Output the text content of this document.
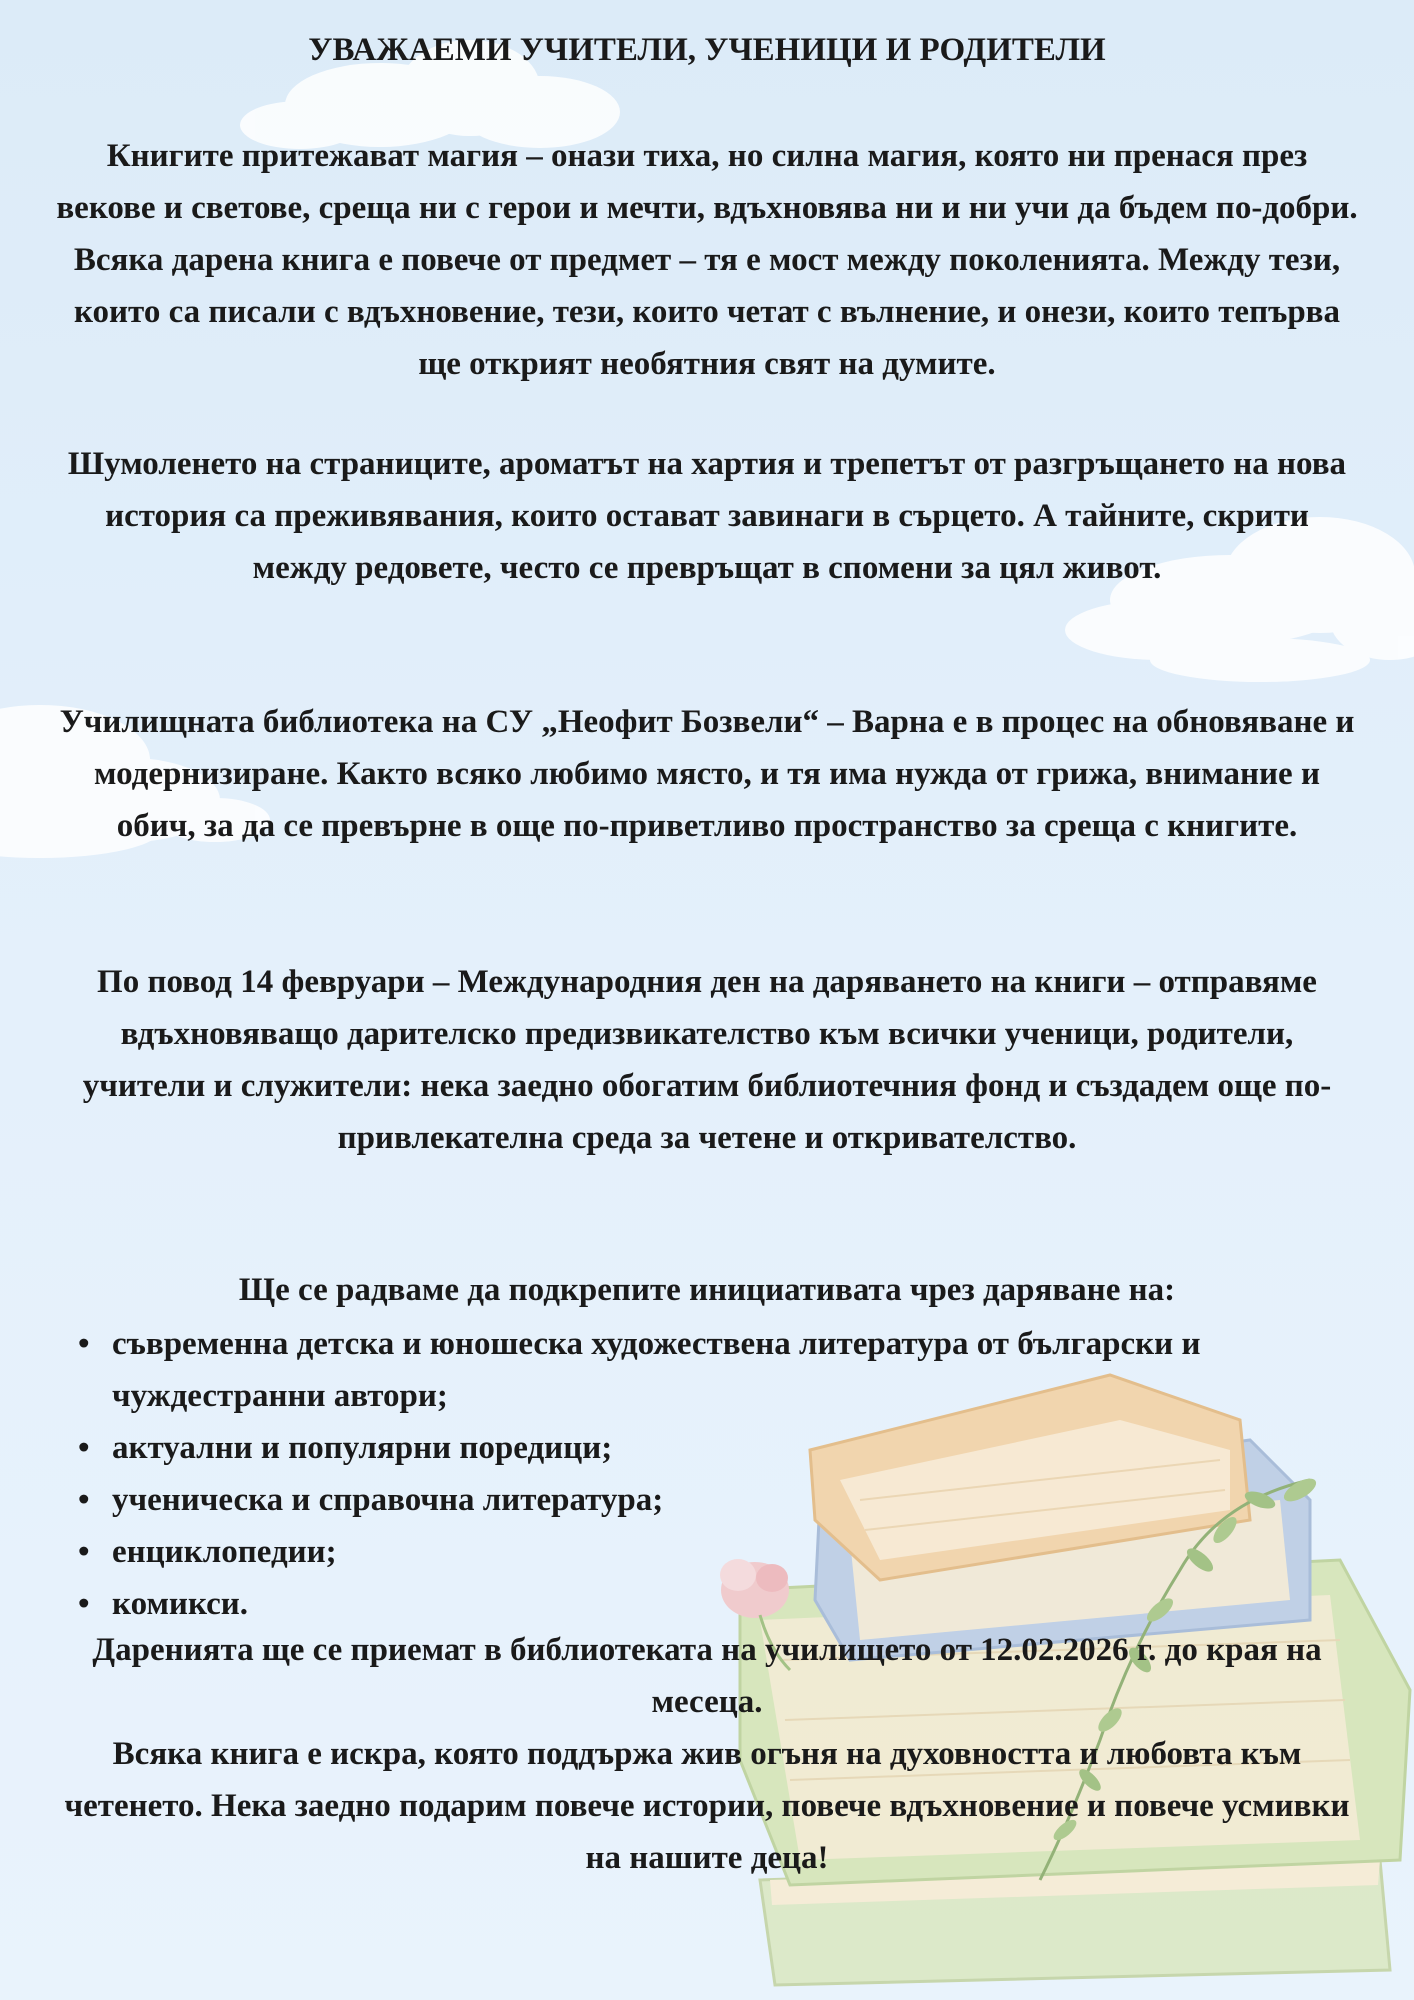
УВАЖАЕМИ УЧИТЕЛИ, УЧЕНИЦИ И РОДИТЕЛИ
Книгите притежават магия – онази тиха, но силна магия, която ни пренася през векове и светове, среща ни с герои и мечти, вдъхновява ни и ни учи да бъдем по-добри. Всяка дарена книга е повече от предмет – тя е мост между поколенията. Между тези, които са писали с вдъхновение, тези, които четат с вълнение, и онези, които тепърва ще открият необятния свят на думите.
Шумоленето на страниците, ароматът на хартия и трепетът от разгръщането на нова история са преживявания, които остават завинаги в сърцето. А тайните, скрити между редовете, често се превръщат в спомени за цял живот.
Училищната библиотека на СУ „Неофит Бозвели“ – Варна е в процес на обновяване и модернизиране. Както всяко любимо място, и тя има нужда от грижа, внимание и обич, за да се превърне в още по-приветливо пространство за среща с книгите.
По повод 14 февруари – Международния ден на даряването на книги – отправяме вдъхновяващо дарителско предизвикателство към всички ученици, родители, учители и служители: нека заедно обогатим библиотечния фонд и създадем още по-привлекателна среда за четене и откривателство.
Ще се радваме да подкрепите инициативата чрез даряване на:
• съвременна детска и юношеска художествена литература от български и чуждестранни автори;
• актуални и популярни поредици;
• ученическа и справочна литература;
• енциклопедии;
• комикси.
Даренията ще се приемат в библиотеката на училището от 12.02.2026 г. до края на месеца.
Всяка книга е искра, която поддържа жив огъня на духовността и любовта към четенето. Нека заедно подарим повече истории, повече вдъхновение и повече усмивки на нашите деца!
